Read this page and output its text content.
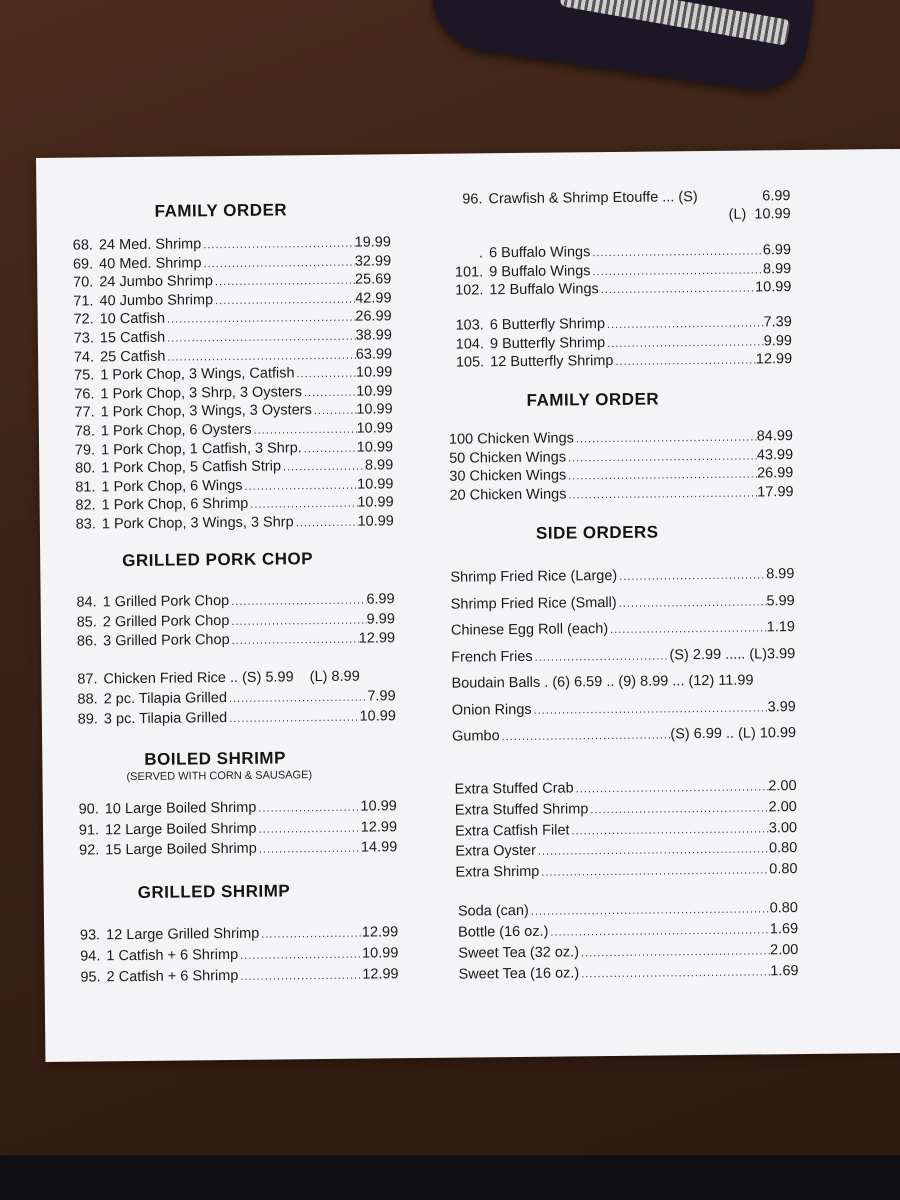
FAMILY ORDER
68. 24 Med. Shrimp .....	19.99
69. 40 Med. Shrimp .....	32.99
70. 24 Jumbo Shrimp .....	25.69
71. 40 Jumbo Shrimp .....	42.99
72. 10 Catfish .....	26.99
73. 15 Catfish .....	38.99
74. 25 Catfish .....	63.99
75. 1 Pork Chop, 3 Wings, Catfish .....	10.99
76. 1 Pork Chop, 3 Shrp, 3 Oysters .....	10.99
77. 1 Pork Chop, 3 Wings, 3 Oysters .....	10.99
78. 1 Pork Chop, 6 Oysters .....	10.99
79. 1 Pork Chop, 1 Catfish, 3 Shrp. .....	10.99
80. 1 Pork Chop, 5 Catfish Strip .....	8.99
81. 1 Pork Chop, 6 Wings .....	10.99
82. 1 Pork Chop, 6 Shrimp .....	10.99
83. 1 Pork Chop, 3 Wings, 3 Shrp .....	10.99
GRILLED PORK CHOP
84. 1 Grilled Pork Chop .....	6.99
85. 2 Grilled Pork Chop .....	9.99
86. 3 Grilled Pork Chop .....	12.99
87. Chicken Fried Rice .. (S) 5.99    (L) 8.99
88. 2 pc. Tilapia Grilled .....	7.99
89. 3 pc. Tilapia Grilled .....	10.99
BOILED SHRIMP
(SERVED WITH CORN & SAUSAGE)
90. 10 Large Boiled Shrimp .....	10.99
91. 12 Large Boiled Shrimp .....	12.99
92. 15 Large Boiled Shrimp .....	14.99
GRILLED SHRIMP
93. 12 Large Grilled Shrimp .....	12.99
94. 1 Catfish + 6 Shrimp .....	10.99
95. 2 Catfish + 6 Shrimp .....	12.99
96. Crawfish & Shrimp Etouffe ... (S)	6.99
(L) 10.99
. 6 Buffalo Wings .....	6.99
101. 9 Buffalo Wings .....	8.99
102. 12 Buffalo Wings .....	10.99
103. 6 Butterfly Shrimp .....	7.39
104. 9 Butterfly Shrimp .....	9.99
105. 12 Butterfly Shrimp .....	12.99
FAMILY ORDER
100 Chicken Wings .....	84.99
50 Chicken Wings .....	43.99
30 Chicken Wings .....	26.99
20 Chicken Wings .....	17.99
SIDE ORDERS
Shrimp Fried Rice (Large) .....	8.99
Shrimp Fried Rice (Small) .....	5.99
Chinese Egg Roll (each) .....	1.19
French Fries .....	(S) 2.99 ..... (L)3.99
Boudain Balls . (6) 6.59 .. (9) 8.99 ... (12) 11.99
Onion Rings .....	3.99
Gumbo .....	(S) 6.99 .. (L) 10.99
Extra Stuffed Crab .....	2.00
Extra Stuffed Shrimp .....	2.00
Extra Catfish Filet .....	3.00
Extra Oyster .....	0.80
Extra Shrimp .....	0.80
Soda (can) .....	0.80
Bottle (16 oz.) .....	1.69
Sweet Tea (32 oz.) .....	2.00
Sweet Tea (16 oz.) .....	1.69
